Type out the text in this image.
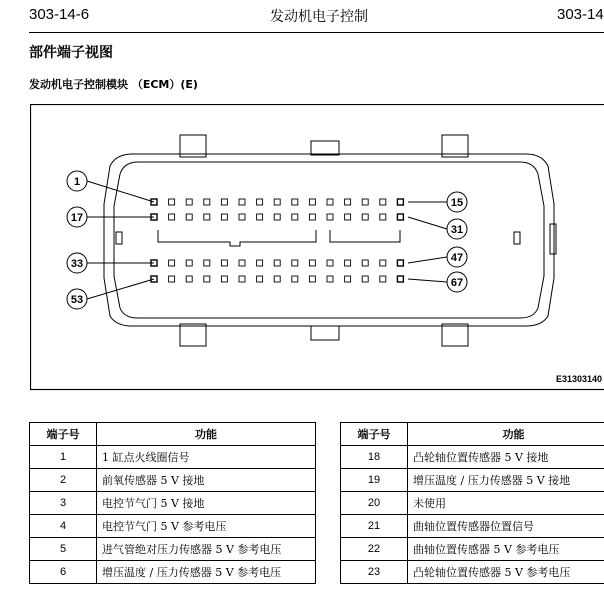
303-14-6	发动机电子控制	303-14
部件端子视图
发动机电子控制模块 （ECM）(E)
1
15
17
31
33	47
53
67
E31303140
端子号	功能
1	1 缸点火线圈信号
2	前氧传感器 5 V 接地
3	电控节气门 5 V 接地
4	电控节气门 5 V 参考电压
5	进气管绝对压力传感器 5 V 参考电压
6	增压温度 / 压力传感器 5 V 参考电压
端子号	功能
18	凸轮轴位置传感器 5 V 接地
19	增压温度 / 压力传感器 5 V 接地
20	未使用
21	曲轴位置传感器位置信号
22	曲轴位置传感器 5 V 参考电压
23	凸轮轴位置传感器 5 V 参考电压
